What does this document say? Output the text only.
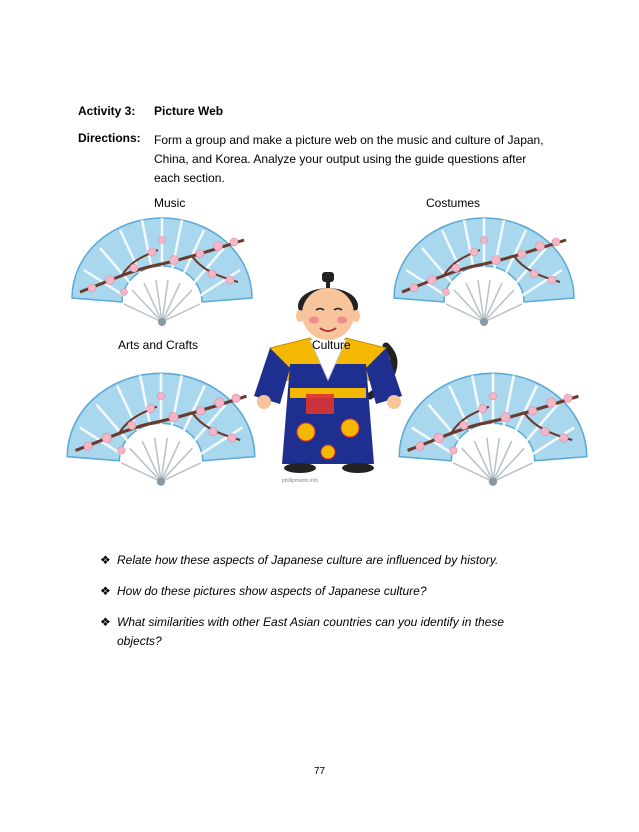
Activity 3: Picture Web
Directions: Form a group and make a picture web on the music and culture of Japan, China, and Korea. Analyze your output using the guide questions after each section.
Music	Costumes
Arts and Crafts	Culture
phillipmartin.info
❖ Relate how these aspects of Japanese culture are influenced by history.
❖ How do these pictures show aspects of Japanese culture?
❖ What similarities with other East Asian countries can you identify in these objects?
77
